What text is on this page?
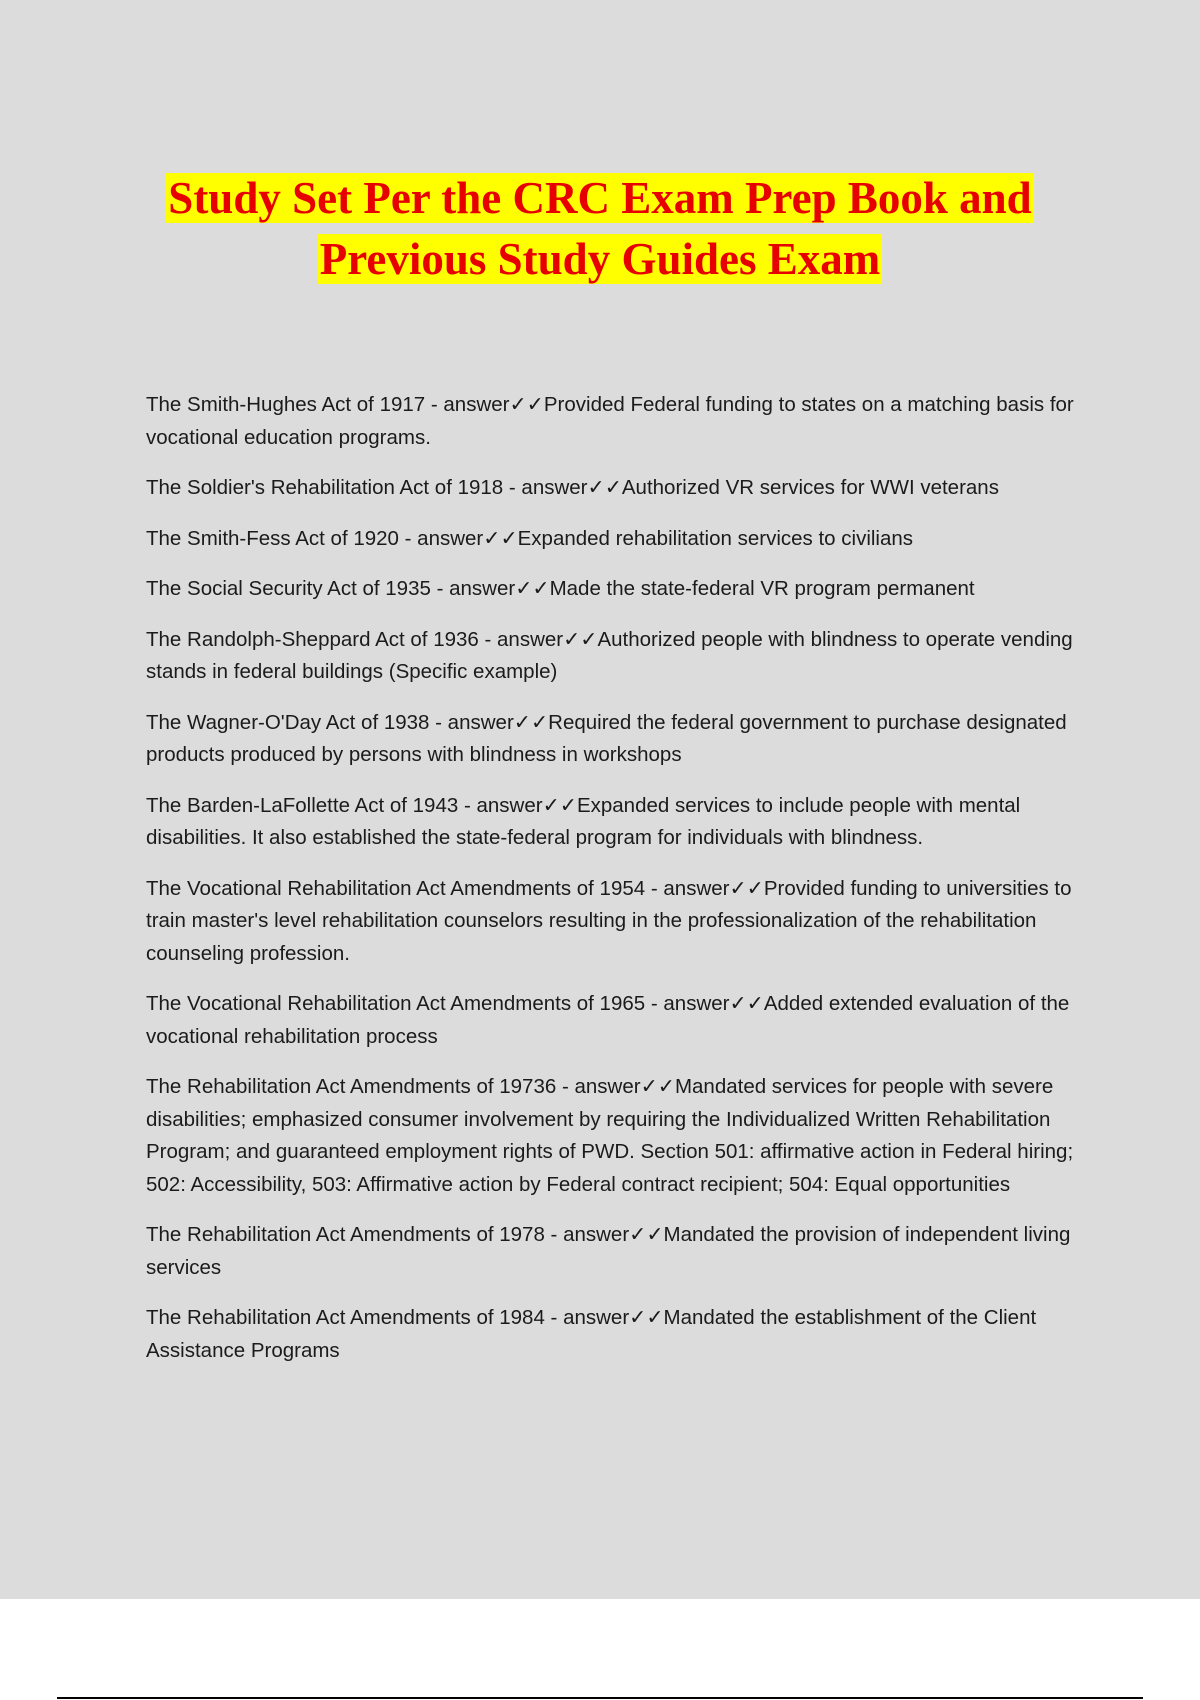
Study Set Per the CRC Exam Prep Book and
Previous Study Guides Exam
The Smith-Hughes Act of 1917 - answer✓✓Provided Federal funding to states on a matching basis for vocational education programs.
The Soldier's Rehabilitation Act of 1918 - answer✓✓Authorized VR services for WWI veterans
The Smith-Fess Act of 1920 - answer✓✓Expanded rehabilitation services to civilians
The Social Security Act of 1935 - answer✓✓Made the state-federal VR program permanent
The Randolph-Sheppard Act of 1936 - answer✓✓Authorized people with blindness to operate vending stands in federal buildings (Specific example)
The Wagner-O'Day Act of 1938 - answer✓✓Required the federal government to purchase designated products produced by persons with blindness in workshops
The Barden-LaFollette Act of 1943 - answer✓✓Expanded services to include people with mental disabilities. It also established the state-federal program for individuals with blindness.
The Vocational Rehabilitation Act Amendments of 1954 - answer✓✓Provided funding to universities to train master's level rehabilitation counselors resulting in the professionalization of the rehabilitation counseling profession.
The Vocational Rehabilitation Act Amendments of 1965 - answer✓✓Added extended evaluation of the vocational rehabilitation process
The Rehabilitation Act Amendments of 19736 - answer✓✓Mandated services for people with severe disabilities; emphasized consumer involvement by requiring the Individualized Written Rehabilitation Program; and guaranteed employment rights of PWD. Section 501: affirmative action in Federal hiring; 502: Accessibility, 503: Affirmative action by Federal contract recipient; 504: Equal opportunities
The Rehabilitation Act Amendments of 1978 - answer✓✓Mandated the provision of independent living services
The Rehabilitation Act Amendments of 1984 - answer✓✓Mandated the establishment of the Client Assistance Programs
